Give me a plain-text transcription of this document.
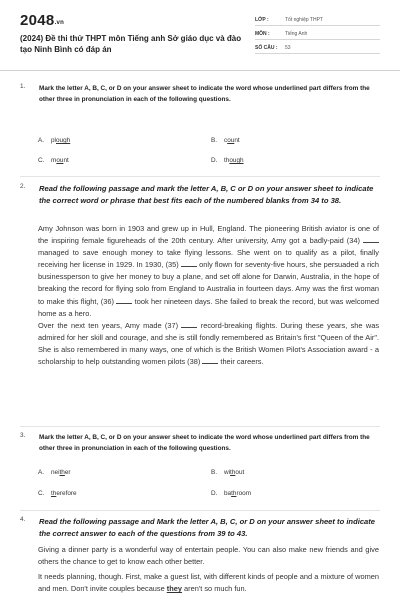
$2048_{.vn}$
(2024) Đề thi thử THPT môn Tiếng anh Sở giáo dục và đào tạo Ninh Bình có đáp án
LỚP :	Tốt nghiệp THPT
MÔN :	Tiếng Anh
SỐ CÂU :	53
1. Mark the letter A, B, C, or D on your answer sheet to indicate the word whose underlined part differs from the other three in pronunciation in each of the following questions.
A. plough	B. count
C. mount	D. though
2. Read the following passage and mark the letter A, B, C or D on your answer sheet to indicate the correct word or phrase that best fits each of the numbered blanks from 34 to 38.

Amy Johnson was born in 1903 and grew up in Hull, England. The pioneering British aviator is one of the inspiring female figureheads of the 20th century. After university, Amy got a badly-paid (34)  managed to save enough money to take flying lessons. She went on to qualify as a pilot, finally receiving her license in 1929. In 1930, (35)  only flown for seventy-five hours, she persuaded a rich businessperson to give her money to buy a plane, and set off alone for Darwin, Australia, in the hope of breaking the record for flying solo from England to Australia in fourteen days. Amy was the first woman to make this flight, (36)  took her nineteen days. She failed to break the record, but was welcomed home as a hero.

Over the next ten years, Amy made (37)  record-breaking flights. During these years, she was admired for her skill and courage, and she is still fondly remembered as Britain's first "Queen of the Air". She is also remembered in many ways, one of which is the British Women Pilot's Association award - a scholarship to help outstanding women pilots (38)  their careers.

3. Mark the letter A, B, C, or D on your answer sheet to indicate the word whose underlined part differs from the other three in pronunciation in each of the following questions.
A. neither	B. without
C. therefore	D. bathroom
4. Read the following passage and Mark the letter A, B, C, or D on your answer sheet to indicate the correct answer to each of the questions from 39 to 43.

Giving a dinner party is a wonderful way of entertain people. You can also make new friends and give others the chance to get to know each other better.

It needs planning, though. First, make a guest list, with different kinds of people and a mixture of women and men. Don't invite couples because they aren't so much fun.
